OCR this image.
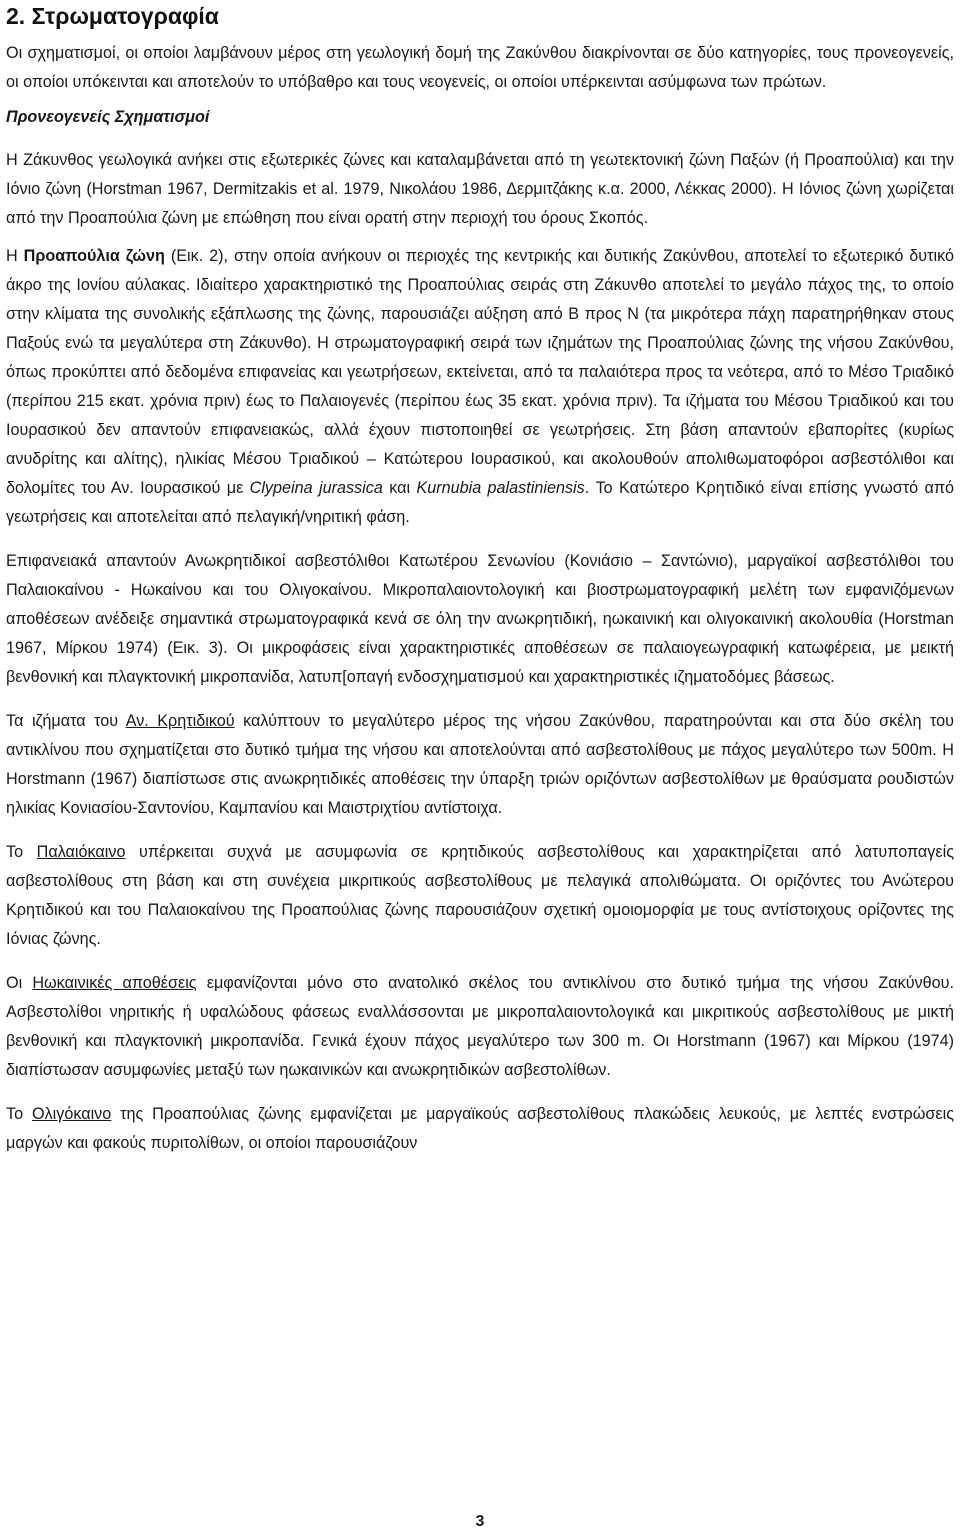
2. Στρωματογραφία

Οι σχηματισμοί, οι οποίοι λαμβάνουν μέρος στη γεωλογική δομή της Ζακύνθου διακρίνονται σε δύο κατηγορίες, τους προνεογενείς, οι οποίοι υπόκεινται και αποτελούν το υπόβαθρο και τους νεογενείς, οι οποίοι υπέρκεινται ασύμφωνα των πρώτων.

Προνεογενείς Σχηματισμοί

Η Ζάκυνθος γεωλογικά ανήκει στις εξωτερικές ζώνες και καταλαμβάνεται από τη γεωτεκτονική ζώνη Παξών (ή Προαπούλια) και την Ιόνιο ζώνη (Horstman 1967, Dermitzakis et al. 1979, Νικολάου 1986, Δερμιτζάκης κ.α. 2000, Λέκκας 2000). Η Ιόνιος ζώνη χωρίζεται από την Προαπούλια ζώνη με επώθηση που είναι ορατή στην περιοχή του όρους Σκοπός.

Η Προαπούλια ζώνη (Εικ. 2), στην οποία ανήκουν οι περιοχές της κεντρικής και δυτικής Ζακύνθου, αποτελεί το εξωτερικό δυτικό άκρο της Ιονίου αύλακας. Ιδιαίτερο χαρακτηριστικό της Προαπούλιας σειράς στη Ζάκυνθο αποτελεί το μεγάλο πάχος της, το οποίο στην κλίματα της συνολικής εξάπλωσης της ζώνης, παρουσιάζει αύξηση από Β προς Ν (τα μικρότερα πάχη παρατηρήθηκαν στους Παξούς ενώ τα μεγαλύτερα στη Ζάκυνθο). Η στρωματογραφική σειρά των ιζημάτων της Προαπούλιας ζώνης της νήσου Ζακύνθου, όπως προκύπτει από δεδομένα επιφανείας και γεωτρήσεων, εκτείνεται, από τα παλαιότερα προς τα νεότερα, από το Μέσο Τριαδικό (περίπου 215 εκατ. χρόνια πριν) έως το Παλαιογενές (περίπου έως 35 εκατ. χρόνια πριν). Τα ιζήματα του Μέσου Τριαδικού και του Ιουρασικού δεν απαντούν επιφανειακώς, αλλά έχουν πιστοποιηθεί σε γεωτρήσεις. Στη βάση απαντούν εβαπορίτες (κυρίως ανυδρίτης και αλίτης), ηλικίας Μέσου Τριαδικού – Κατώτερου Ιουρασικού, και ακολουθούν απολιθωματοφόροι ασβεστόλιθοι και δολομίτες του Αν. Ιουρασικού με Clypeina jurassica και Kurnubia palastiniensis. Το Κατώτερο Κρητιδικό είναι επίσης γνωστό από γεωτρήσεις και αποτελείται από πελαγική/νηριτική φάση.

Επιφανειακά απαντούν Ανωκρητιδικοί ασβεστόλιθοι Κατωτέρου Σενωνίου (Κονιάσιο – Σαντώνιο), μαργαϊκοί ασβεστόλιθοι του Παλαιοκαίνου - Ηωκαίνου και του Ολιγοκαίνου. Μικροπαλαιοντολογική και βιοστρωματογραφική μελέτη των εμφανιζόμενων αποθέσεων ανέδειξε σημαντικά στρωματογραφικά κενά σε όλη την ανωκρητιδική, ηωκαινική και ολιγοκαινική ακολουθία (Horstman 1967, Μίρκου 1974) (Εικ. 3). Οι μικροφάσεις είναι χαρακτηριστικές αποθέσεων σε παλαιογεωγραφική κατωφέρεια, με μεικτή βενθονική και πλαγκτονική μικροπανίδα, λατυπ[οπαγή ενδοσχηματισμού και χαρακτηριστικές ιζηματοδόμες βάσεως.

Τα ιζήματα του Αν. Κρητιδικού καλύπτουν το μεγαλύτερο μέρος της νήσου Ζακύνθου, παρατηρούνται και στα δύο σκέλη του αντικλίνου που σχηματίζεται στο δυτικό τμήμα της νήσου και αποτελούνται από ασβεστολίθους με πάχος μεγαλύτερο των 500m. Η Horstmann (1967) διαπίστωσε στις ανωκρητιδικές αποθέσεις την ύπαρξη τριών οριζόντων ασβεστολίθων με θραύσματα ρουδιστών ηλικίας Κονιασίου-Σαντονίου, Καμπανίου και Μαιστριχτίου αντίστοιχα.

Το Παλαιόκαινο υπέρκειται συχνά με ασυμφωνία σε κρητιδικούς ασβεστολίθους και χαρακτηρίζεται από λατυποπαγείς ασβεστολίθους στη βάση και στη συνέχεια μικριτικούς ασβεστολίθους με πελαγικά απολιθώματα. Οι οριζόντες του Ανώτερου Κρητιδικού και του Παλαιοκαίνου της Προαπούλιας ζώνης παρουσιάζουν σχετική ομοιομορφία με τους αντίστοιχους ορίζοντες της Ιόνιας ζώνης.

Οι Ηωκαινικές αποθέσεις εμφανίζονται μόνο στο ανατολικό σκέλος του αντικλίνου στο δυτικό τμήμα της νήσου Ζακύνθου. Ασβεστολίθοι νηριτικής ή υφαλώδους φάσεως εναλλάσσονται με μικροπαλαιοντολογικά και μικριτικούς ασβεστολίθους με μικτή βενθονική και πλαγκτονική μικροπανίδα. Γενικά έχουν πάχος μεγαλύτερο των 300 m. Οι Horstmann (1967) και Μίρκου (1974) διαπίστωσαν ασυμφωνίες μεταξύ των ηωκαινικών και ανωκρητιδικών ασβεστολίθων.

Το Ολιγόκαινο της Προαπούλιας ζώνης εμφανίζεται με μαργαϊκούς ασβεστολίθους πλακώδεις λευκούς, με λεπτές ενστρώσεις μαργών και φακούς πυριτολίθων, οι οποίοι παρουσιάζουν

3
